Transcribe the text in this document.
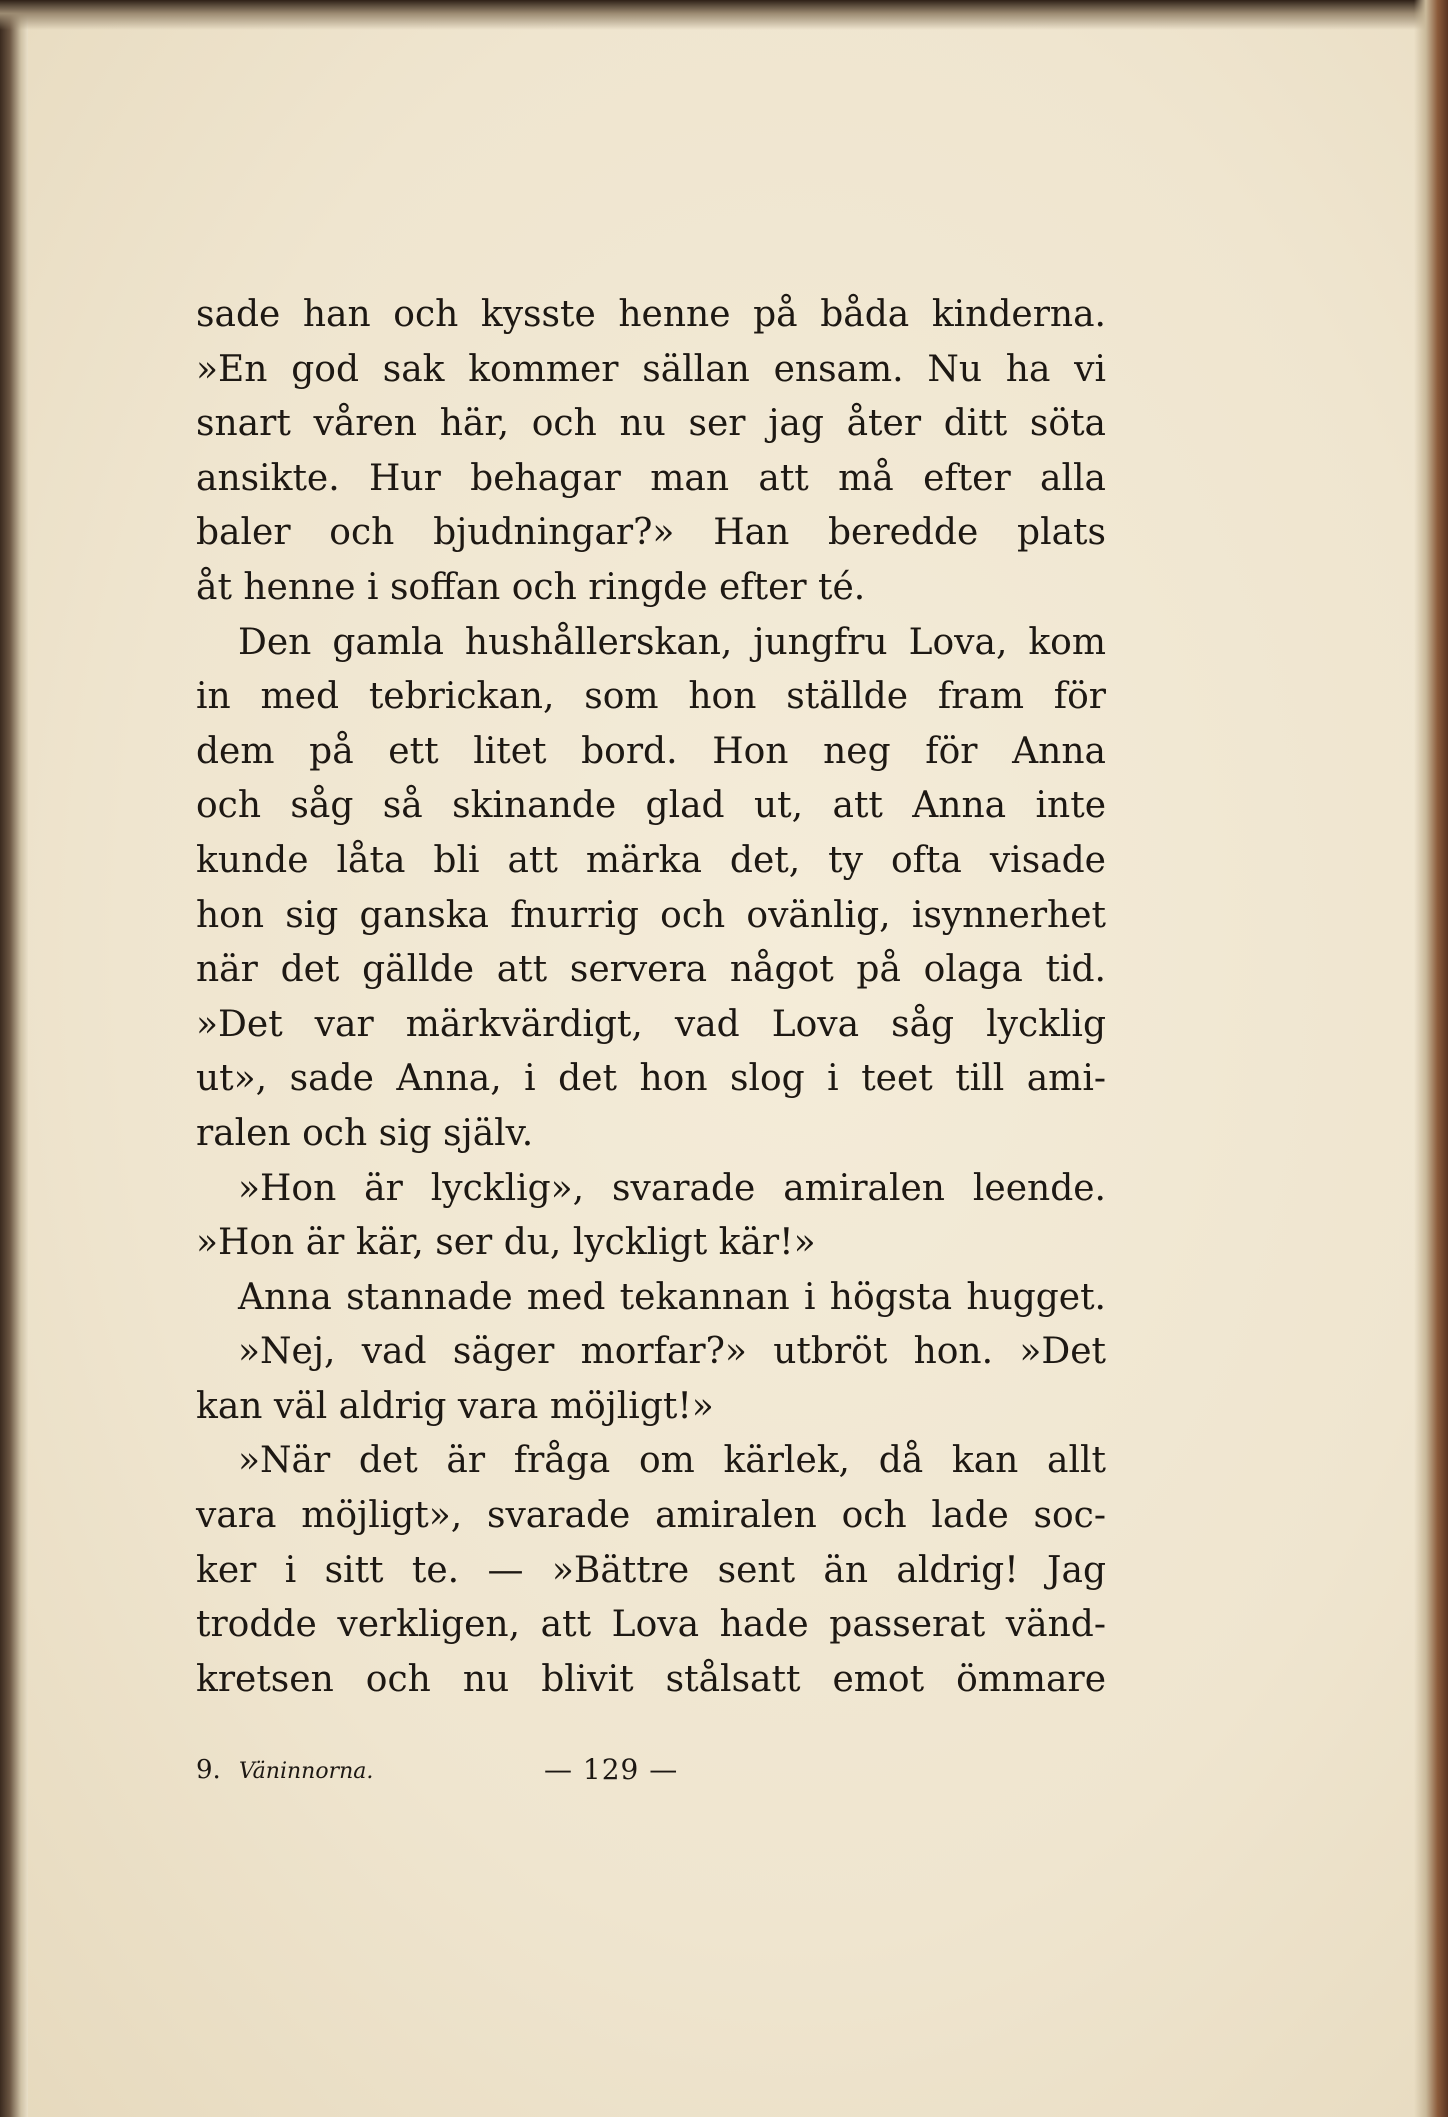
sade han och kysste henne på båda kinderna.
»En god sak kommer sällan ensam. Nu ha vi
snart våren här, och nu ser jag åter ditt söta
ansikte. Hur behagar man att må efter alla
baler och bjudningar?» Han beredde plats
åt henne i soffan och ringde efter té.
Den gamla hushållerskan, jungfru Lova, kom
in med tebrickan, som hon ställde fram för
dem på ett litet bord. Hon neg för Anna
och såg så skinande glad ut, att Anna inte
kunde låta bli att märka det, ty ofta visade
hon sig ganska fnurrig och ovänlig, isynnerhet
när det gällde att servera något på olaga tid.
»Det var märkvärdigt, vad Lova såg lycklig
ut», sade Anna, i det hon slog i teet till ami-
ralen och sig själv.
»Hon är lycklig», svarade amiralen leende.
»Hon är kär, ser du, lyckligt kär!»
Anna stannade med tekannan i högsta hugget.
»Nej, vad säger morfar?» utbröt hon. »Det
kan väl aldrig vara möjligt!»
»När det är fråga om kärlek, då kan allt
vara möjligt», svarade amiralen och lade soc-
ker i sitt te. — »Bättre sent än aldrig! Jag
trodde verkligen, att Lova hade passerat vänd-
kretsen och nu blivit stålsatt emot ömmare
9. Väninnorna.	— 129 —
